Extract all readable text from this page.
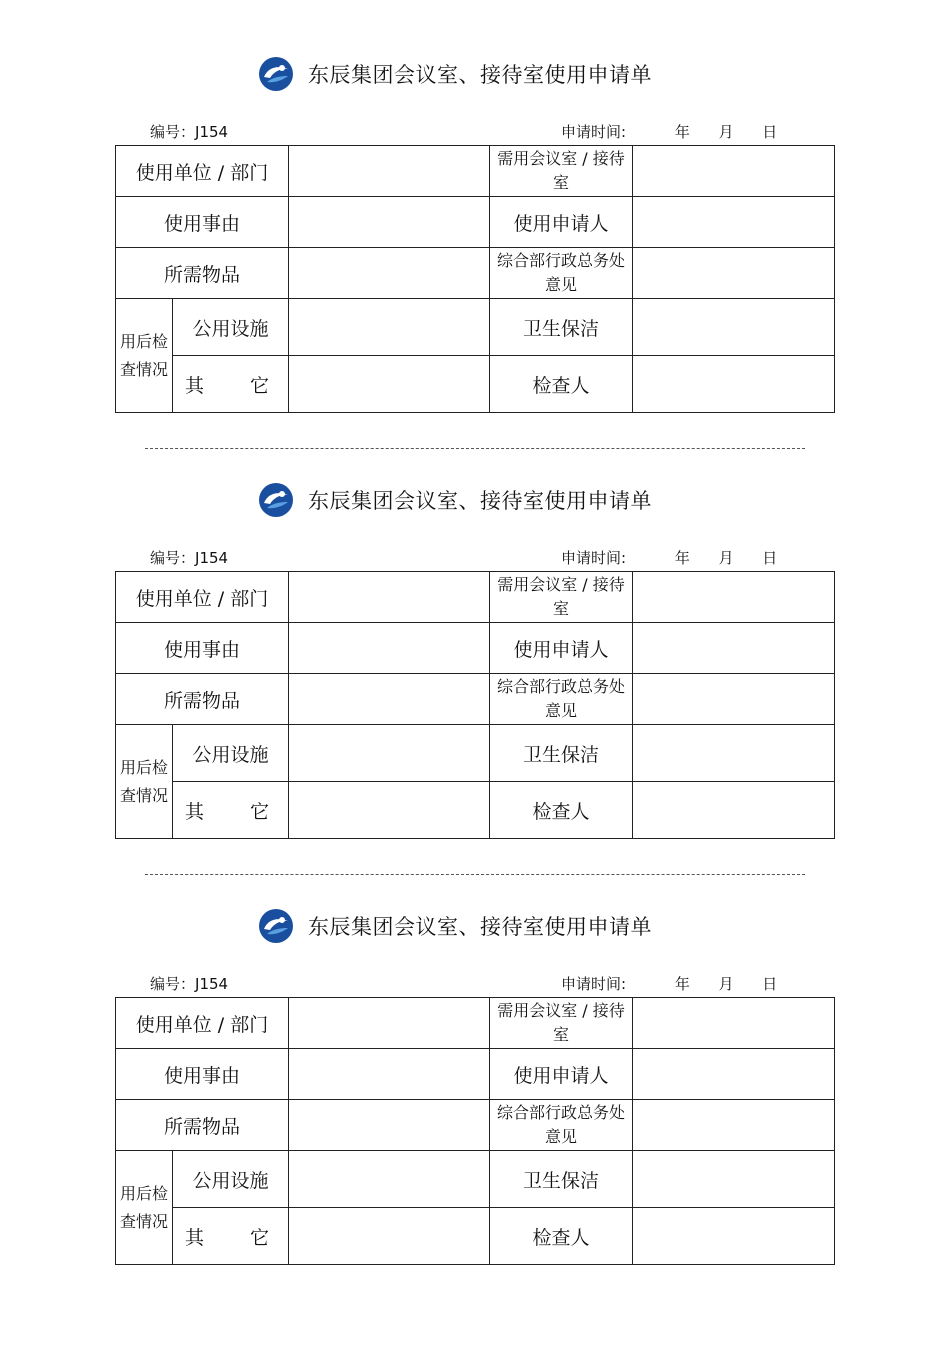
东辰集团会议室、接待室使用申请单
编号：J154	申请时间:	年	月	日
使用单位 / 部门			需用会议室 / 接待室	
使用事由			使用申请人	
所需物品			综合部行政总务处意见	
用后检查情况	公用设施		卫生保洁	
	其 它		检查人	
东辰集团会议室、接待室使用申请单
编号：J154	申请时间:	年	月	日
使用单位 / 部门			需用会议室 / 接待室	
使用事由			使用申请人	
所需物品			综合部行政总务处意见	
用后检查情况	公用设施		卫生保洁	
	其 它		检查人	
东辰集团会议室、接待室使用申请单
编号：J154	申请时间:	年	月	日
使用单位 / 部门			需用会议室 / 接待室	
使用事由			使用申请人	
所需物品			综合部行政总务处意见	
用后检查情况	公用设施		卫生保洁	
	其 它		检查人	
